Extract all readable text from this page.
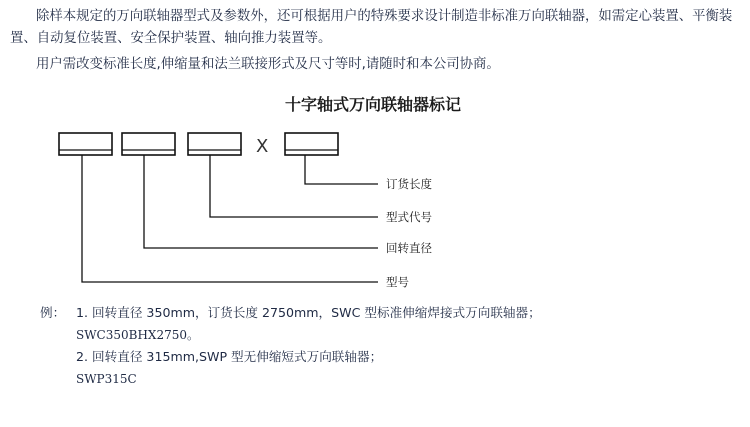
除样本规定的万向联轴器型式及参数外，还可根据用户的特殊要求设计制造非标准万向联轴器，如需定心装置、平衡装置、自动复位装置、安全保护装置、轴向推力装置等。

用户需改变标准长度,伸缩量和法兰联接形式及尺寸等时,请随时和本公司协商。

十字轴式万向联轴器标记
X
订货长度
型式代号
回转直径
型号
例： 1. 回转直径 350mm，订货长度 2750mm，SWC 型标准伸缩焊接式万向联轴器；
SWC350BHX2750。
2. 回转直径 315mm,SWP 型无伸缩短式万向联轴器；
SWP315C
